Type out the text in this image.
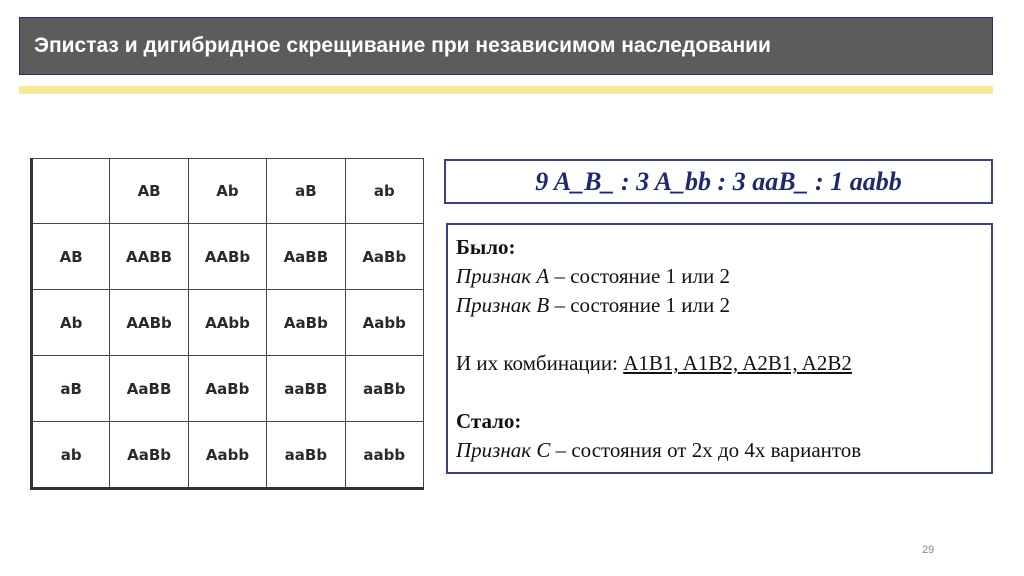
Эпистаз и дигибридное скрещивание при независимом наследовании
	AB	Ab	aB	ab
AB	AABB	AABb	AaBB	AaBb
Ab	AABb	AAbb	AaBb	Aabb
aB	AaBB	AaBb	aaBB	aaBb
ab	AaBb	Aabb	aaBb	aabb
9 A_B_ : 3 A_bb : 3 aaB_ : 1 aabb
Было:
Признак А – состояние 1 или 2
Признак В – состояние 1 или 2
И их комбинации: A1B1, A1B2, A2B1, A2B2
Стало:
Признак С – состояния от 2х до 4х вариантов
29
